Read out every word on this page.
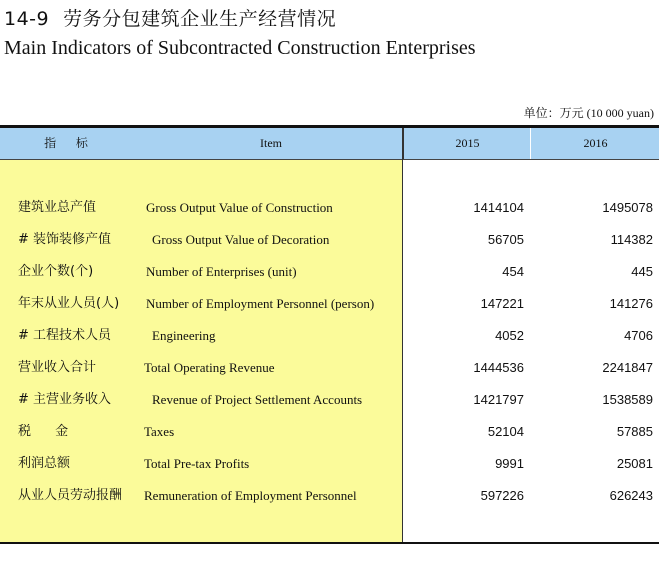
14-9 劳务分包建筑企业生产经营情况
Main Indicators of Subcontracted Construction Enterprises
单位：万元 (10 000 yuan)
指 标	Item	2015	2016
建筑业总产值	Gross Output Value of Construction	1414104	1495078
# 装饰装修产值	Gross Output Value of Decoration	56705	114382
企业个数(个)	Number of Enterprises (unit)	454	445
年末从业人员(人) Number of Employment Personnel (person)	147221	141276
# 工程技术人员	Engineering	4052	4706
营业收入合计	Total Operating Revenue	1444536	2241847
# 主营业务收入	Revenue of Project Settlement Accounts	1421797	1538589
税 金	Taxes	52104	57885
利润总额	Total Pre-tax Profits	9991	25081
从业人员劳动报酬 Remuneration of Employment Personnel	597226	626243
